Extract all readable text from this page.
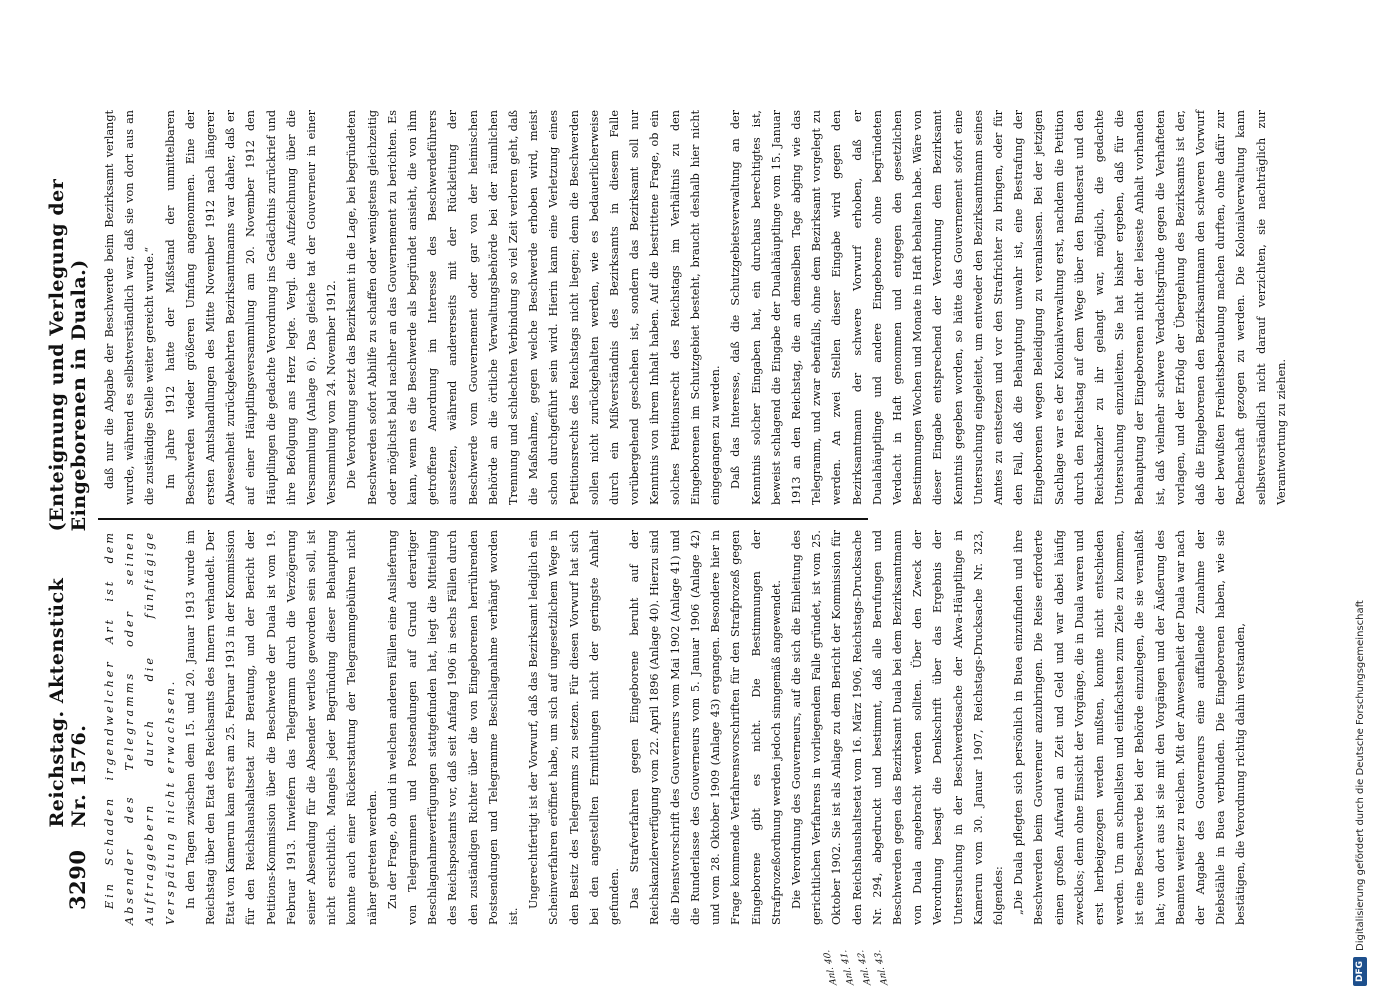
3290
Reichstag. Aktenstück Nr. 1576.
(Enteignung und Verlegung der Eingeborenen in Duala.)

Ein Schaden irgendwelcher Art ist dem Absender des Telegramms oder seinen Auftraggebern durch die fünftägige Verspätung nicht erwachsen. In den Tagen zwischen dem 15. und 20. Januar 1913 wurde im Reichstag über den Etat des Reichsamts des Innern verhandelt. Der Etat von Kamerun kam erst am 25. Februar 1913 in der Kommission für den Reichshaushaltsetat zur Beratung, und der Bericht der Petitions-Kommission über die Beschwerde der Duala ist vom 19. Februar 1913. Inwiefern das Telegramm durch die Verzögerung seiner Absendung für die Absender wertlos geworden sein soll, ist nicht ersichtlich. Mangels jeder Begründung dieser Behauptung konnte auch einer Rückerstattung der Telegrammgebühren nicht näher getreten werden. Zu der Frage, ob und in welchen anderen Fällen eine Auslieferung von Telegrammen und Postsendungen auf Grund derartiger Beschlagnahmeverfügungen stattgefunden hat, liegt die Mitteilung des Reichspostamts vor, daß seit Anfang 1906 in sechs Fällen durch den zuständigen Richter über die von Eingeborenen herrührenden Postsendungen und Telegramme Beschlagnahme verhängt worden ist.

Ungerechtfertigt ist der Vorwurf, daß das Bezirksamt lediglich ein Scheinverfahren eröffnet habe, um sich auf ungesetzlichem Wege in den Besitz des Telegramms zu setzen. Für diesen Vorwurf hat sich bei den angestellten Ermittlungen nicht der geringste Anhalt gefunden. Das Strafverfahren gegen Eingeborene beruht auf der Reichskanzlerverfügung vom 22. April 1896 (Anlage 40). Hierzu sind die Dienstvorschrift des Gouverneurs vom Mai 1902 (Anlage 41) und die Runderlasse des Gouverneurs vom 5. Januar 1906 (Anlage 42) und vom 28. Oktober 1909 (Anlage 43) ergangen. Besondere hier in Frage kommende Verfahrensvorschriften für den Strafprozeß gegen Eingeborene gibt es nicht. Die Bestimmungen der Strafprozeßordnung werden jedoch sinngemäß angewendet. Die Verordnung des Gouverneurs, auf die sich die Einleitung des gerichtlichen Verfahrens in vorliegendem Falle gründet, ist vom 25. Oktober 1902. Sie ist als Anlage zu dem Bericht der Kommission für den Reichshaushaltsetat vom 16. März 1906, Reichstags-Drucksache Nr. 294, abgedruckt und bestimmt, daß alle Berufungen und Beschwerden gegen das Bezirksamt Duala bei dem Bezirksamtmann von Duala angebracht werden sollten. Über den Zweck der Verordnung besagt die Denkschrift über das Ergebnis der Untersuchung in der Beschwerdesache der Akwa-Häuptlinge in Kamerun vom 30. Januar 1907, Reichstags-Drucksache Nr. 323, folgendes: „Die Duala pflegten sich persönlich in Buea einzufinden und ihre Beschwerden beim Gouverneur anzubringen. Die Reise erforderte einen großen Aufwand an Zeit und Geld und war dabei häufig zwecklos; denn ohne Einsicht der Vorgänge, die in Duala waren und erst herbeigezogen werden mußten, konnte nicht entschieden werden. Um am schnellsten und einfachsten zum Ziele zu kommen, ist eine Beschwerde bei der Behörde einzulegen, die sie veranlaßt hat; von dort aus ist sie mit den Vorgängen und der Äußerung des Beamten weiter zu reichen. Mit der Anwesenheit der Duala war nach der Angabe des Gouverneurs eine auffallende Zunahme der Diebstähle in Buea verbunden. Die Eingeborenen haben, wie sie bestätigen, die Verordnung richtig dahin verstanden,

Anl. 40. Anl. 41. Anl. 42. Anl. 43.

daß nur die Abgabe der Beschwerde beim Bezirksamt verlangt wurde, während es selbstverständlich war, daß sie von dort aus an die zuständige Stelle weiter gereicht wurde.“ Im Jahre 1912 hatte der Mißstand der unmittelbaren Beschwerden wieder größeren Umfang angenommen. Eine der ersten Amtshandlungen des Mitte November 1912 nach längerer Abwesenheit zurückgekehrten Bezirksamtmanns war daher, daß er auf einer Häuptlingsversammlung am 20. November 1912 den Häuptlingen die gedachte Verordnung ins Gedächtnis zurückrief und ihre Befolgung ans Herz legte. Vergl. die Aufzeichnung über die Versammlung (Anlage 6). Das gleiche tat der Gouverneur in einer Versammlung vom 24. November 1912. Die Verordnung setzt das Bezirksamt in die Lage, bei begründeten Beschwerden sofort Abhilfe zu schaffen oder wenigstens gleichzeitig oder möglichst bald nachher an das Gouvernement zu berichten. Es kann, wenn es die Beschwerde als begründet ansieht, die von ihm getroffene Anordnung im Interesse des Beschwerdeführers aussetzen, während andererseits mit der Rückleitung der Beschwerde vom Gouvernement oder gar von der heimischen Behörde an die örtliche Verwaltungsbehörde bei der räumlichen Trennung und schlechten Verbindung so viel Zeit verloren geht, daß die Maßnahme, gegen welche Beschwerde erhoben wird, meist schon durchgeführt sein wird. Hierin kann eine Verletzung eines Petitionsrechts des Reichstags nicht liegen; denn die Beschwerden sollen nicht zurückgehalten werden, wie es bedauerlicherweise durch ein Mißverständnis des Bezirksamts in diesem Falle vorübergehend geschehen ist, sondern das Bezirksamt soll nur Kenntnis von ihrem Inhalt haben. Auf die bestrittene Frage, ob ein solches Petitionsrecht des Reichstags im Verhältnis zu den Eingeborenen im Schutzgebiet besteht, braucht deshalb hier nicht eingegangen zu werden. Daß das Interesse, daß die Schutzgebietsverwaltung an der Kenntnis solcher Eingaben hat, ein durchaus berechtigtes ist, beweist schlagend die Eingabe der Dualahäuptlinge vom 15. Januar 1913 an den Reichstag, die an demselben Tage abging wie das Telegramm, und zwar ebenfalls, ohne dem Bezirksamt vorgelegt zu werden. An zwei Stellen dieser Eingabe wird gegen den Bezirksamtmann der schwere Vorwurf erhoben, daß er Dualahäuptlinge und andere Eingeborene ohne begründeten Verdacht in Haft genommen und entgegen den gesetzlichen Bestimmungen Wochen und Monate in Haft behalten habe. Wäre von dieser Eingabe entsprechend der Verordnung dem Bezirksamt Kenntnis gegeben worden, so hätte das Gouvernement sofort eine Untersuchung eingeleitet, um entweder den Bezirksamtmann seines Amtes zu entsetzen und vor den Strafrichter zu bringen, oder für den Fall, daß die Behauptung unwahr ist, eine Bestrafung der Eingeborenen wegen Beleidigung zu veranlassen. Bei der jetzigen Sachlage war es der Kolonialverwaltung erst, nachdem die Petition durch den Reichstag auf dem Wege über den Bundesrat und den Reichskanzler zu ihr gelangt war, möglich, die gedachte Untersuchung einzuleiten. Sie hat bisher ergeben, daß für die Behauptung der Eingeborenen nicht der leiseste Anhalt vorhanden ist, daß vielmehr schwere Verdachtsgründe gegen die Verhafteten vorlagen, und der Erfolg der Übergehung des Bezirksamts ist der, daß die Eingeborenen den Bezirksamtmann den schweren Vorwurf der bewußten Freiheitsberaubung machen durften, ohne dafür zur Rechenschaft gezogen zu werden. Die Kolonialverwaltung kann selbstverständlich nicht darauf verzichten, sie nachträglich zur Verantwortung zu ziehen.

DFG
Digitalisierung gefördert durch die Deutsche Forschungsgemeinschaft
